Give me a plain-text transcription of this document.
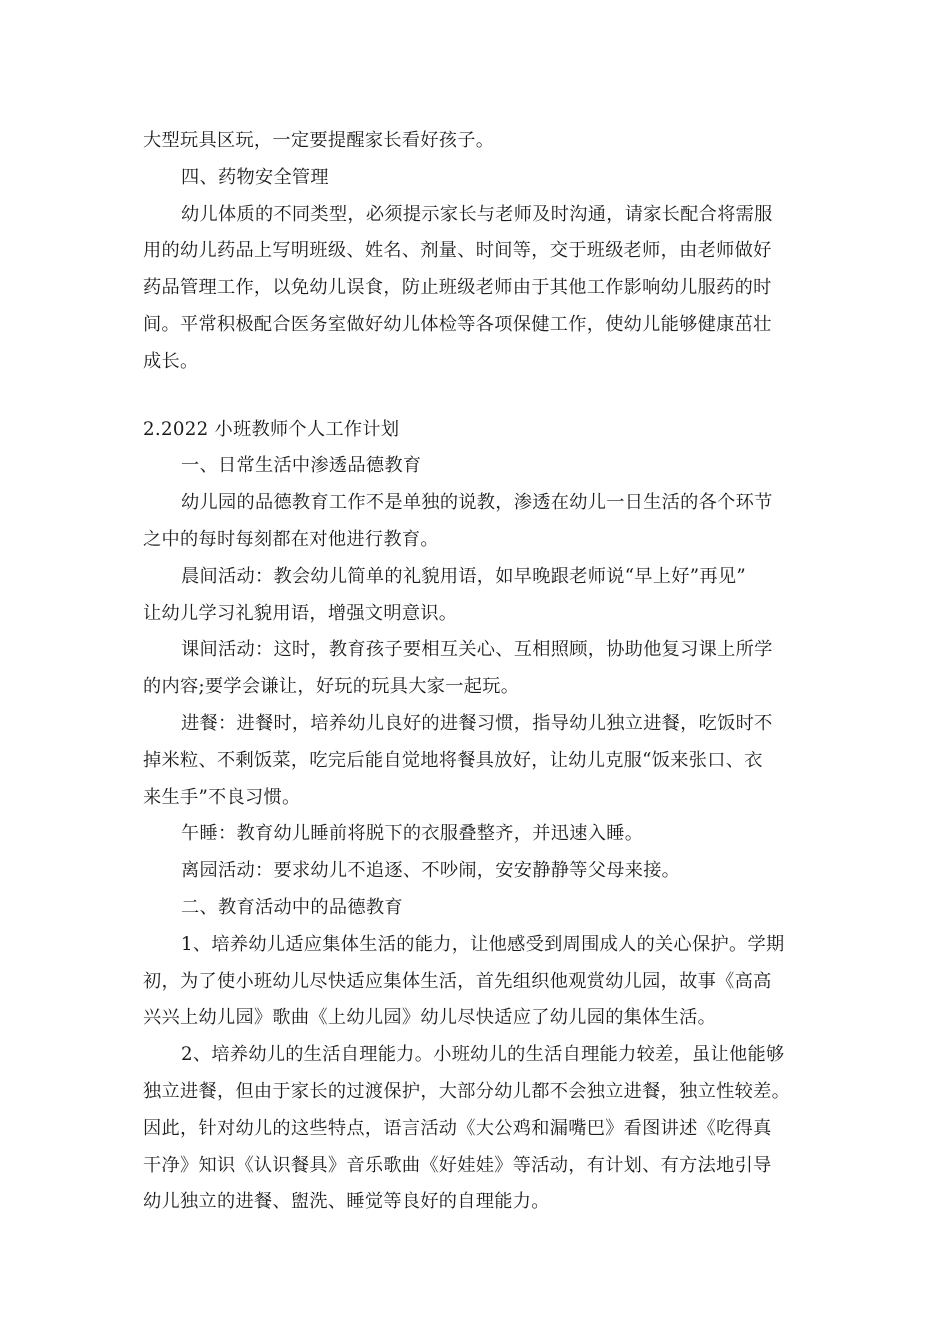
大型玩具区玩，一定要提醒家长看好孩子。
四、药物安全管理
幼儿体质的不同类型，必须提示家长与老师及时沟通，请家长配合将需服
用的幼儿药品上写明班级、姓名、剂量、时间等，交于班级老师，由老师做好
药品管理工作，以免幼儿误食，防止班级老师由于其他工作影响幼儿服药的时
间。平常积极配合医务室做好幼儿体检等各项保健工作，使幼儿能够健康茁壮
成长。
2.2022 小班教师个人工作计划
一、日常生活中渗透品德教育
幼儿园的品德教育工作不是单独的说教，渗透在幼儿一日生活的各个环节
之中的每时每刻都在对他进行教育。
晨间活动：教会幼儿简单的礼貌用语，如早晚跟老师说“早上好”再见”
让幼儿学习礼貌用语，增强文明意识。
课间活动：这时，教育孩子要相互关心、互相照顾，协助他复习课上所学
的内容;要学会谦让，好玩的玩具大家一起玩。
进餐：进餐时，培养幼儿良好的进餐习惯，指导幼儿独立进餐，吃饭时不
掉米粒、不剩饭菜，吃完后能自觉地将餐具放好，让幼儿克服“饭来张口、衣
来生手”不良习惯。
午睡：教育幼儿睡前将脱下的衣服叠整齐，并迅速入睡。
离园活动：要求幼儿不追逐、不吵闹，安安静静等父母来接。
二、教育活动中的品德教育
1、培养幼儿适应集体生活的能力，让他感受到周围成人的关心保护。学期
初，为了使小班幼儿尽快适应集体生活，首先组织他观赏幼儿园，故事《高高
兴兴上幼儿园》歌曲《上幼儿园》幼儿尽快适应了幼儿园的集体生活。
2、培养幼儿的生活自理能力。小班幼儿的生活自理能力较差，虽让他能够
独立进餐，但由于家长的过渡保护，大部分幼儿都不会独立进餐，独立性较差。
因此，针对幼儿的这些特点，语言活动《大公鸡和漏嘴巴》看图讲述《吃得真
干净》知识《认识餐具》音乐歌曲《好娃娃》等活动，有计划、有方法地引导
幼儿独立的进餐、盥洗、睡觉等良好的自理能力。
